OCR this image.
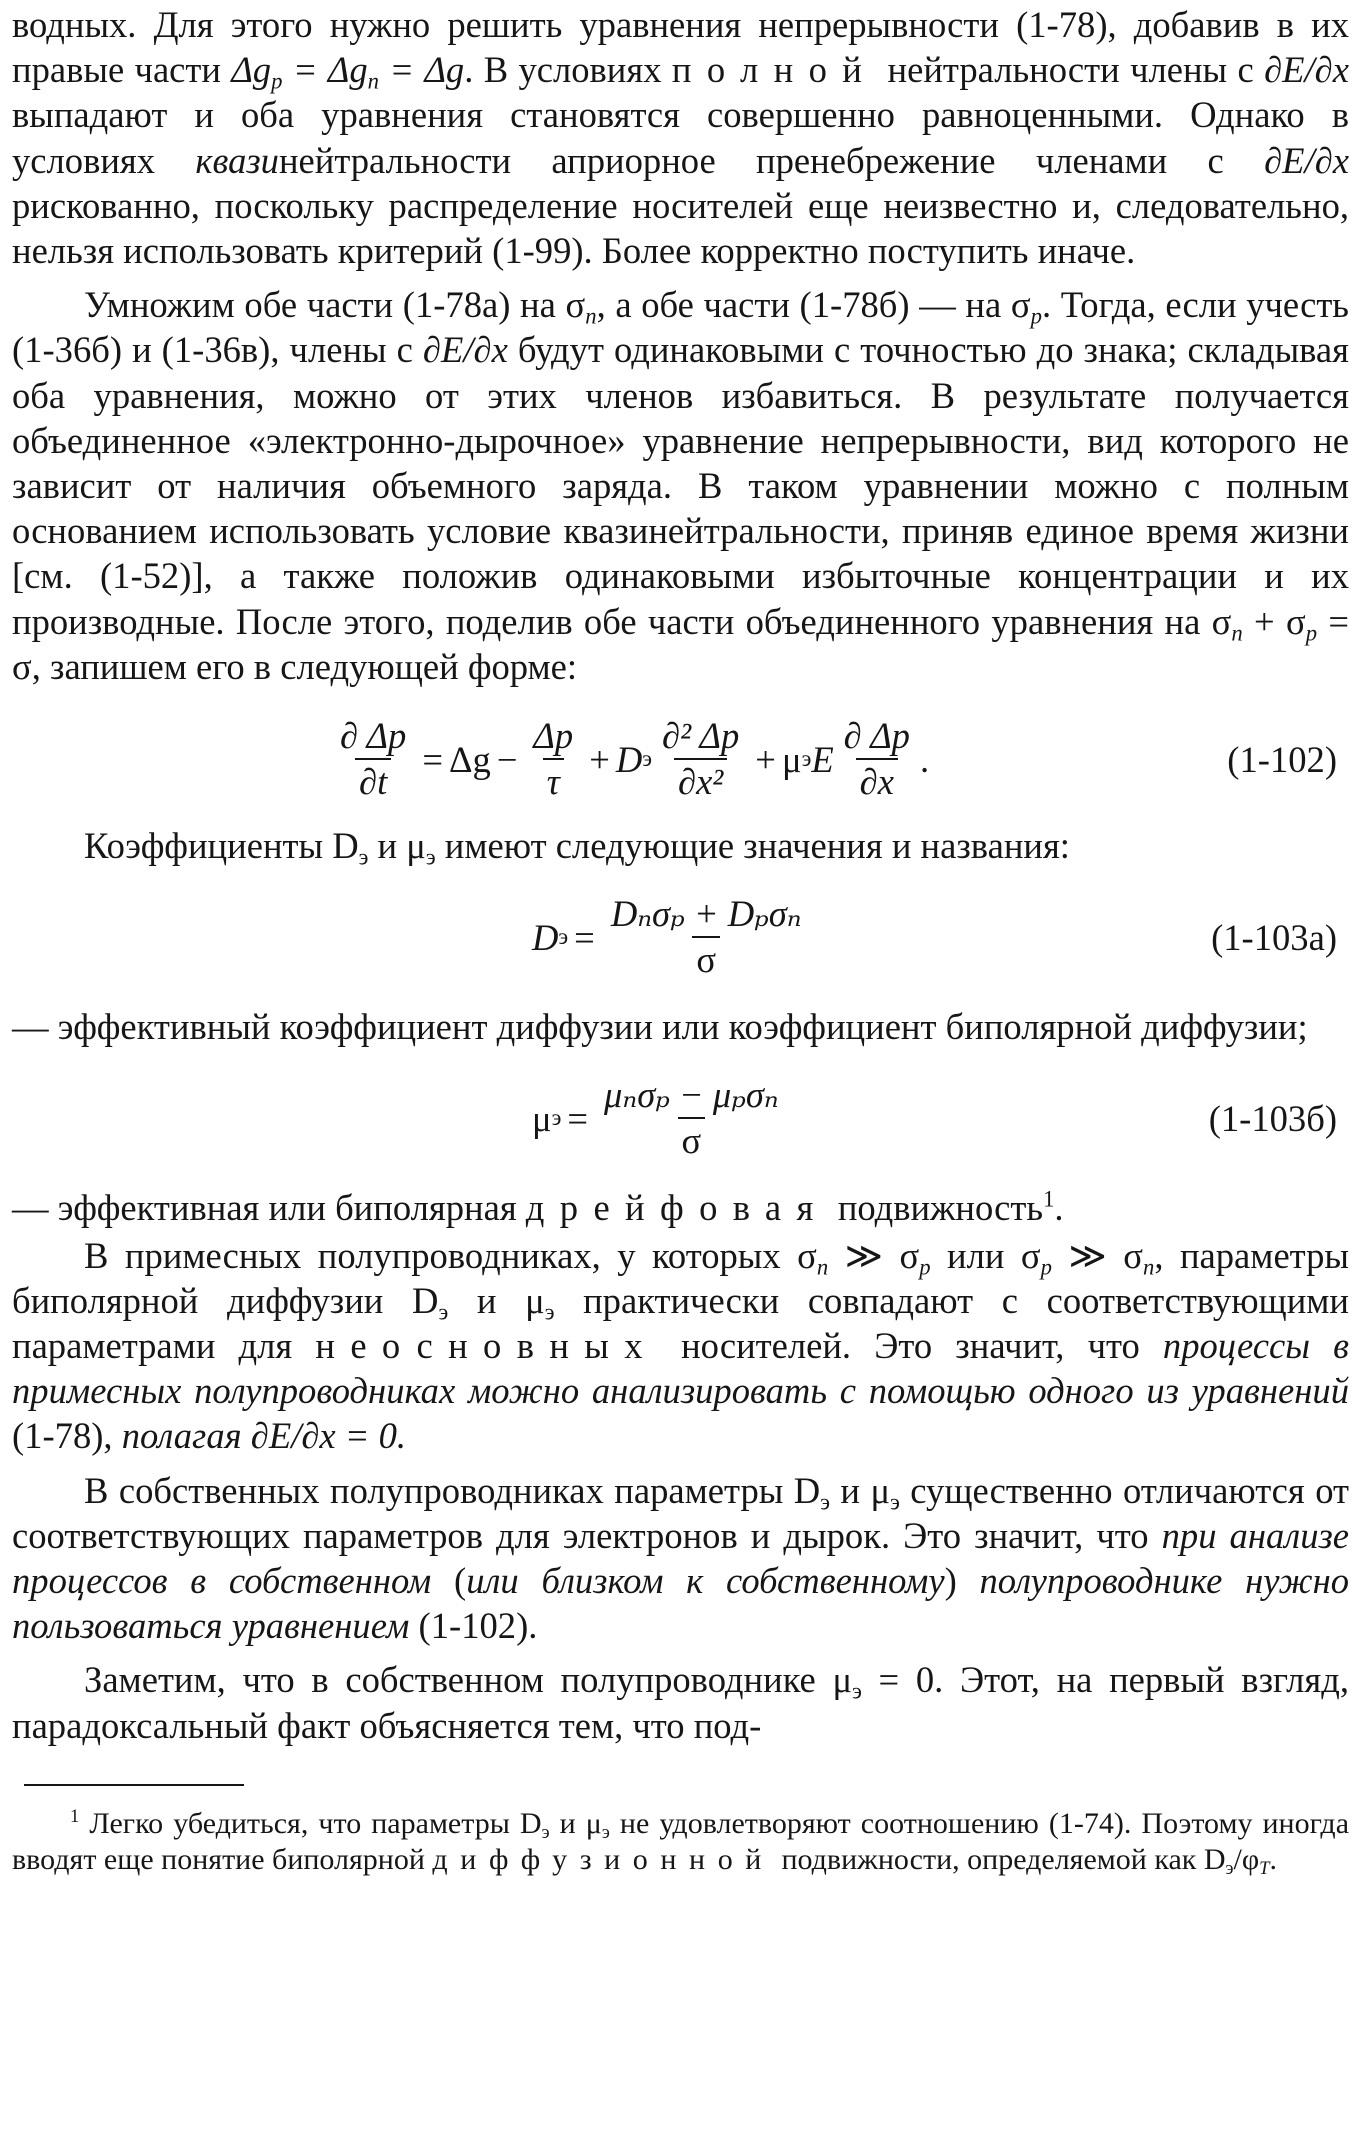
водных. Для этого нужно решить уравнения непрерывности (1-78), добавив в их правые части $\Delta g_p = \Delta g_n = \Delta g$. В условиях полной нейтральности члены с ∂E/∂x выпадают и оба уравнения становятся совершенно равноценными. Однако в условиях квазинейтральности априорное пренебрежение членами с ∂E/∂x рискованно, поскольку распределение носителей еще неизвестно и, следовательно, нельзя использовать критерий (1-99). Более корректно поступить иначе.

Умножим обе части (1-78а) на $\sigma_n$, а обе части (1-78б) — на $\sigma_p$. Тогда, если учесть (1-36б) и (1-36в), члены с ∂E/∂x будут одинаковыми с точностью до знака; складывая оба уравнения, можно от этих членов избавиться. В результате получается объединенное «электронно-дырочное» уравнение непрерывности, вид которого не зависит от наличия объемного заряда. В таком уравнении можно с полным основанием использовать условие квазинейтральности, приняв единое время жизни [см. (1-52)], а также положив одинаковыми избыточные концентрации и их производные. После этого, поделив обе части объединенного уравнения на $\sigma_n + \sigma_p = \sigma$, запишем его в следующей форме:

$\frac{\partial \Delta p}{\partial t} = \Delta g - \frac{\Delta p}{\tau} + D$ э $\frac{\text{∂² Δp}}{\text{∂x²}} + \mu$ э E $\frac{\partial \Delta p}{\partial x}$ .	(1-102)

Коэффициенты $D_э$ и $\mu_э$ имеют следующие значения и названия:

D $э = \frac{\text{Dₙσₚ + Dₚσₙ}}{\sigma}$	(1-103а)

— эффективный коэффициент диффузии или коэффициент биполярной диффузии;

μ $э = \frac{\text{μₙσₚ − μₚσₙ}}{\sigma}$	(1-103б)

— эффективная или биполярная дрейфовая подвижность$^1$.

В примесных полупроводниках, у которых $\sigma_n$ ≫ $\sigma_p$ или $\sigma_p$ ≫ $\sigma_n$, параметры биполярной диффузии $D_э$ и $\mu_э$ практически совпадают с соответствующими параметрами для неосновных носителей. Это значит, что процессы в примесных полупроводниках можно анализировать с помощью одного из уравнений (1-78), полагая ∂E/∂x = 0.

В собственных полупроводниках параметры $D_э$ и $\mu_э$ существенно отличаются от соответствующих параметров для электронов и дырок. Это значит, что при анализе процессов в собственном (или близком к собственному) полупроводнике нужно пользоваться уравнением (1-102).

Заметим, что в собственном полупроводнике $\mu_э = 0$. Этот, на первый взгляд, парадоксальный факт объясняется тем, что под-

$^1$ Легко убедиться, что параметры $D_э$ и $\mu_э$ не удовлетворяют соотношению (1-74). Поэтому иногда вводят еще понятие биполярной диффузионной подвижности, определяемой как $D_э/\varphi_T$.
